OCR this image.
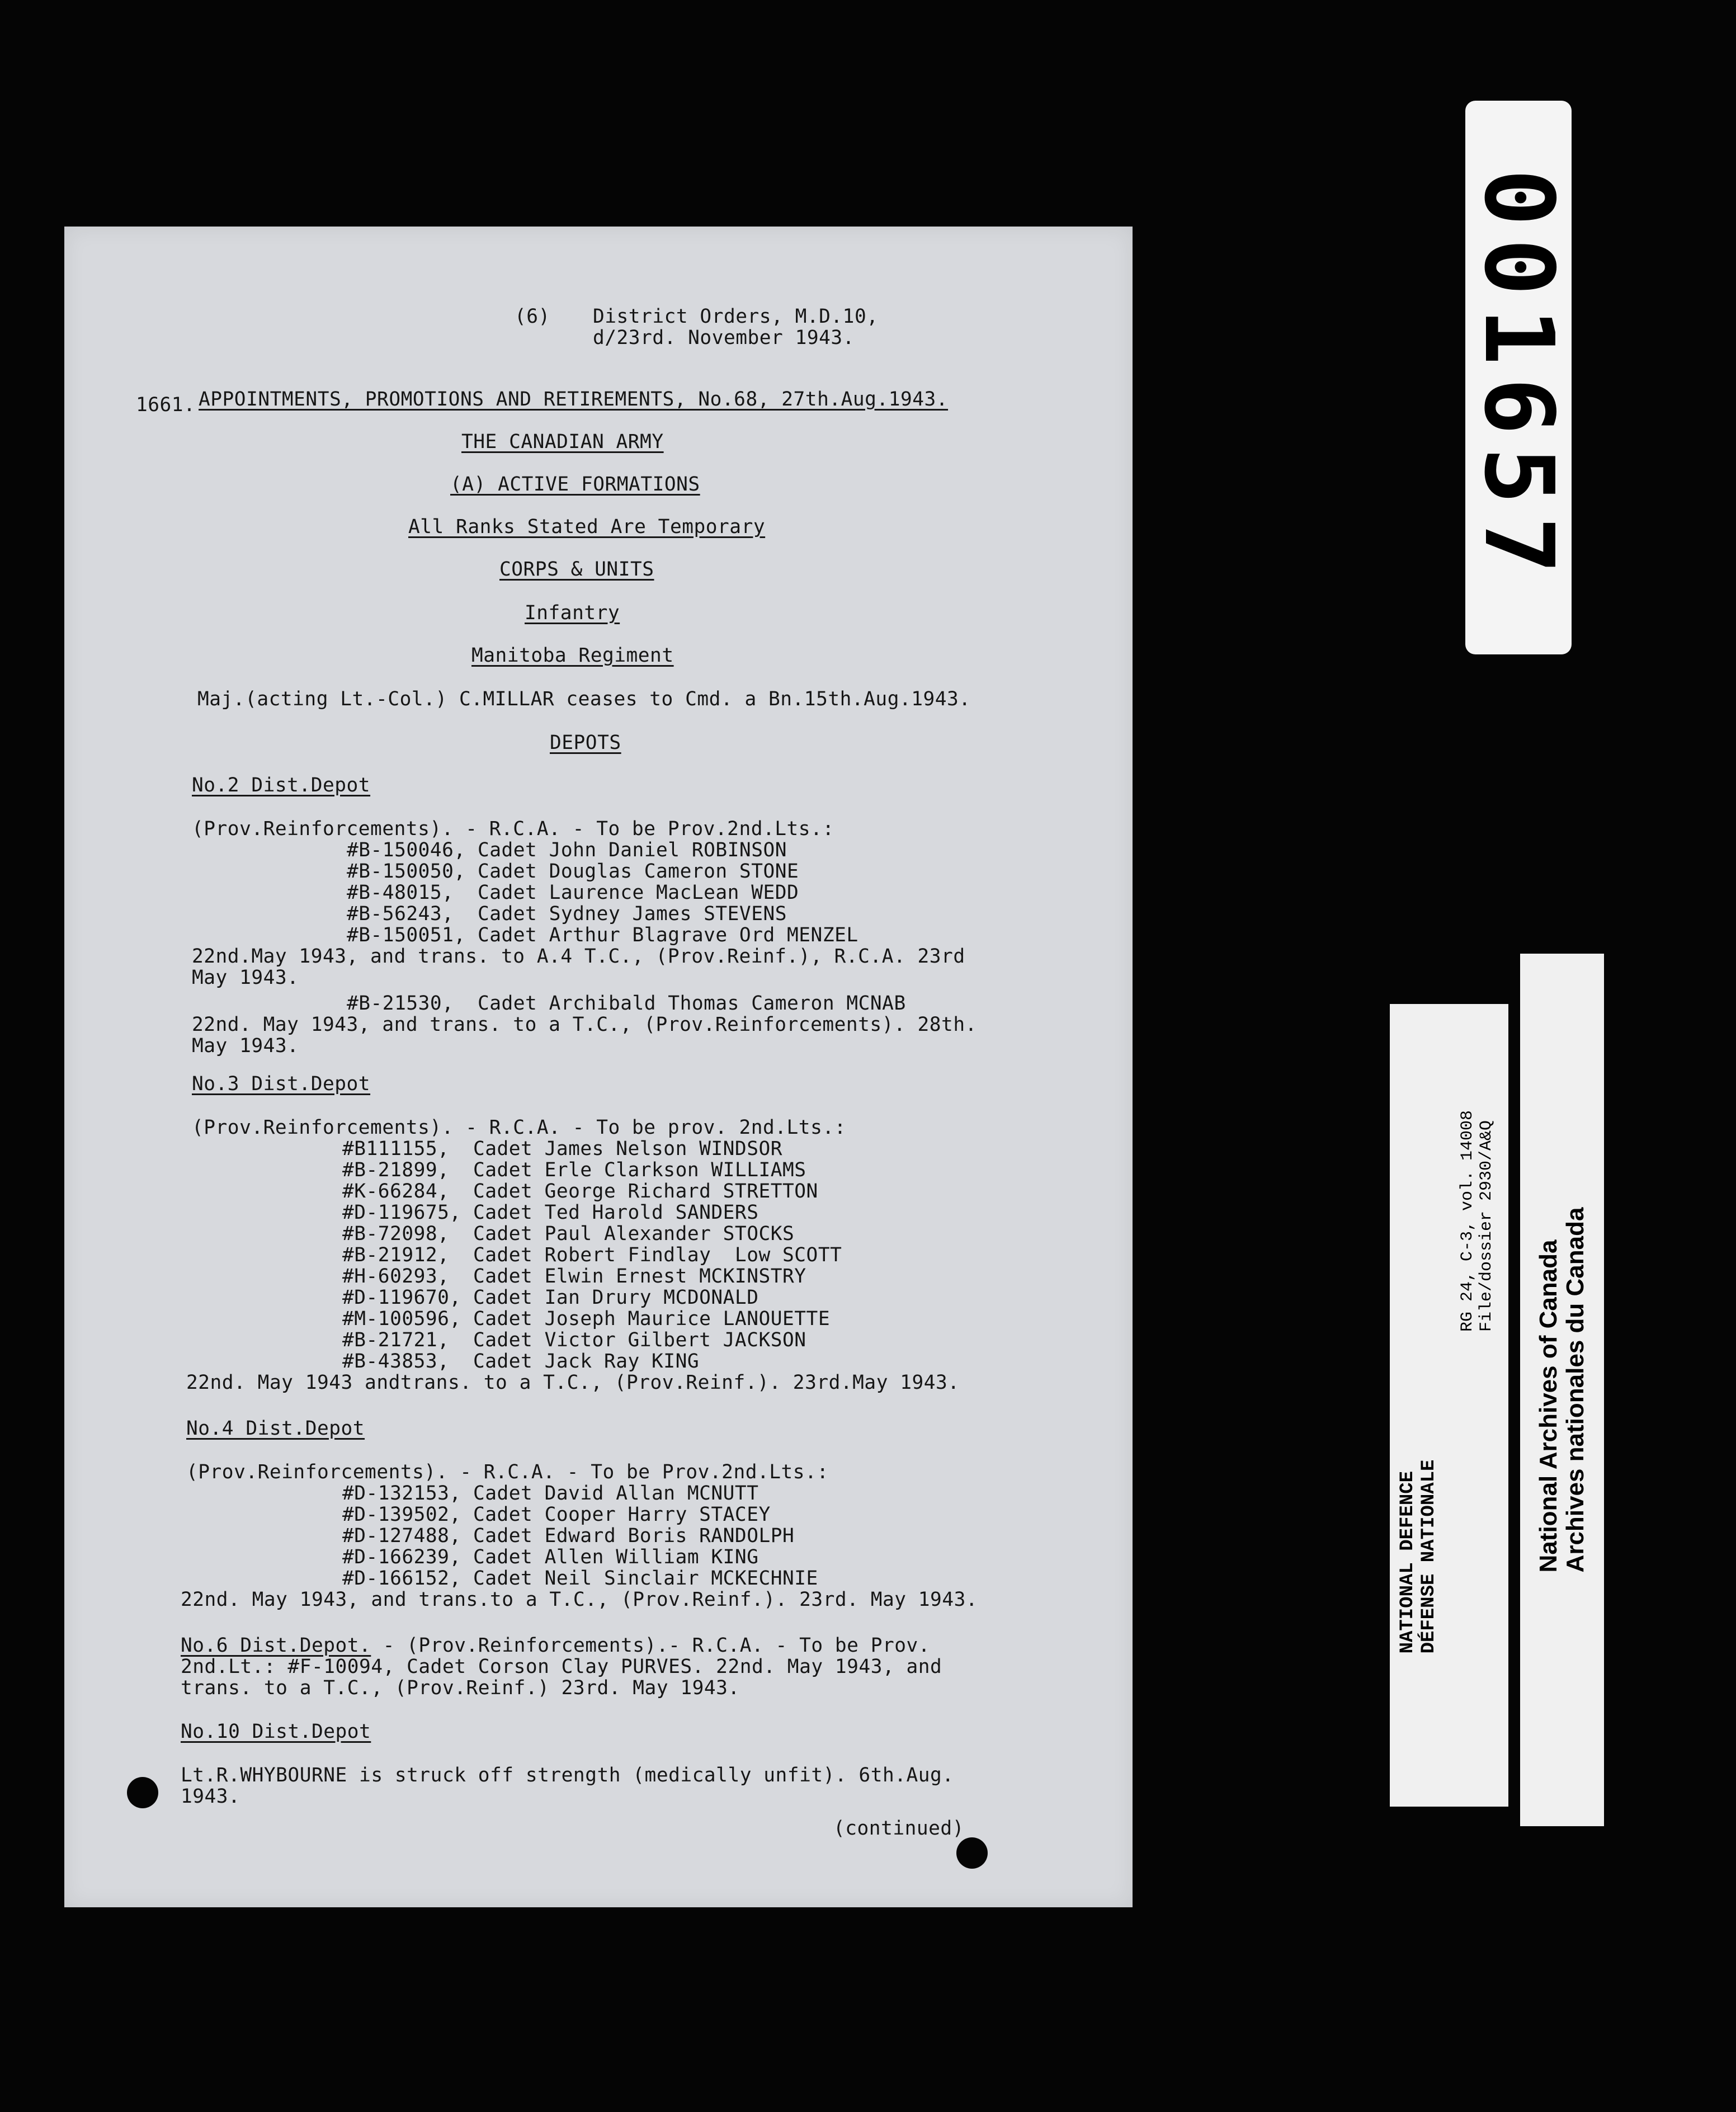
(6) District Orders, M.D.10,
d/23rd. November 1943.
1661. APPOINTMENTS, PROMOTIONS AND RETIREMENTS, No.68, 27th.Aug.1943.
THE CANADIAN ARMY
(A) ACTIVE FORMATIONS
All Ranks Stated Are Temporary
CORPS & UNITS
Infantry
Manitoba Regiment
Maj.(acting Lt.-Col.) C.MILLAR ceases to Cmd. a Bn.15th.Aug.1943.
DEPOTS
No.2 Dist.Depot
(Prov.Reinforcements). - R.C.A. - To be Prov.2nd.Lts.:
#B-150046, Cadet John Daniel ROBINSON
#B-150050, Cadet Douglas Cameron STONE
#B-48015,  Cadet Laurence MacLean WEDD
#B-56243,  Cadet Sydney James STEVENS
#B-150051, Cadet Arthur Blagrave Ord MENZEL
22nd.May 1943, and trans. to A.4 T.C., (Prov.Reinf.), R.C.A. 23rd
May 1943.
#B-21530,  Cadet Archibald Thomas Cameron MCNAB
22nd. May 1943, and trans. to a T.C., (Prov.Reinforcements). 28th.
May 1943.
No.3 Dist.Depot
(Prov.Reinforcements). - R.C.A. - To be prov. 2nd.Lts.:
#B111155,  Cadet James Nelson WINDSOR
#B-21899,  Cadet Erle Clarkson WILLIAMS
#K-66284,  Cadet George Richard STRETTON
#D-119675, Cadet Ted Harold SANDERS
#B-72098,  Cadet Paul Alexander STOCKS
#B-21912,  Cadet Robert Findlay  Low SCOTT
#H-60293,  Cadet Elwin Ernest MCKINSTRY
#D-119670, Cadet Ian Drury MCDONALD
#M-100596, Cadet Joseph Maurice LANOUETTE
#B-21721,  Cadet Victor Gilbert JACKSON
#B-43853,  Cadet Jack Ray KING
22nd. May 1943 andtrans. to a T.C., (Prov.Reinf.). 23rd.May 1943.
No.4 Dist.Depot
(Prov.Reinforcements). - R.C.A. - To be Prov.2nd.Lts.:
#D-132153, Cadet David Allan MCNUTT
#D-139502, Cadet Cooper Harry STACEY
#D-127488, Cadet Edward Boris RANDOLPH
#D-166239, Cadet Allen William KING
#D-166152, Cadet Neil Sinclair MCKECHNIE
22nd. May 1943, and trans.to a T.C., (Prov.Reinf.). 23rd. May 1943.
No.6 Dist.Depot. - (Prov.Reinforcements).- R.C.A. - To be Prov.
2nd.Lt.: #F-10094, Cadet Corson Clay PURVES. 22nd. May 1943, and
trans. to a T.C., (Prov.Reinf.) 23rd. May 1943.
No.10 Dist.Depot
Lt.R.WHYBOURNE is struck off strength (medically unfit). 6th.Aug.
1943.
(continued)
001657
NATIONAL DEFENCE DÉFENSE NATIONALE
RG 24, C-3, vol. 14008 File/dossier 2930/A&Q
National Archives of Canada Archives nationales du Canada
